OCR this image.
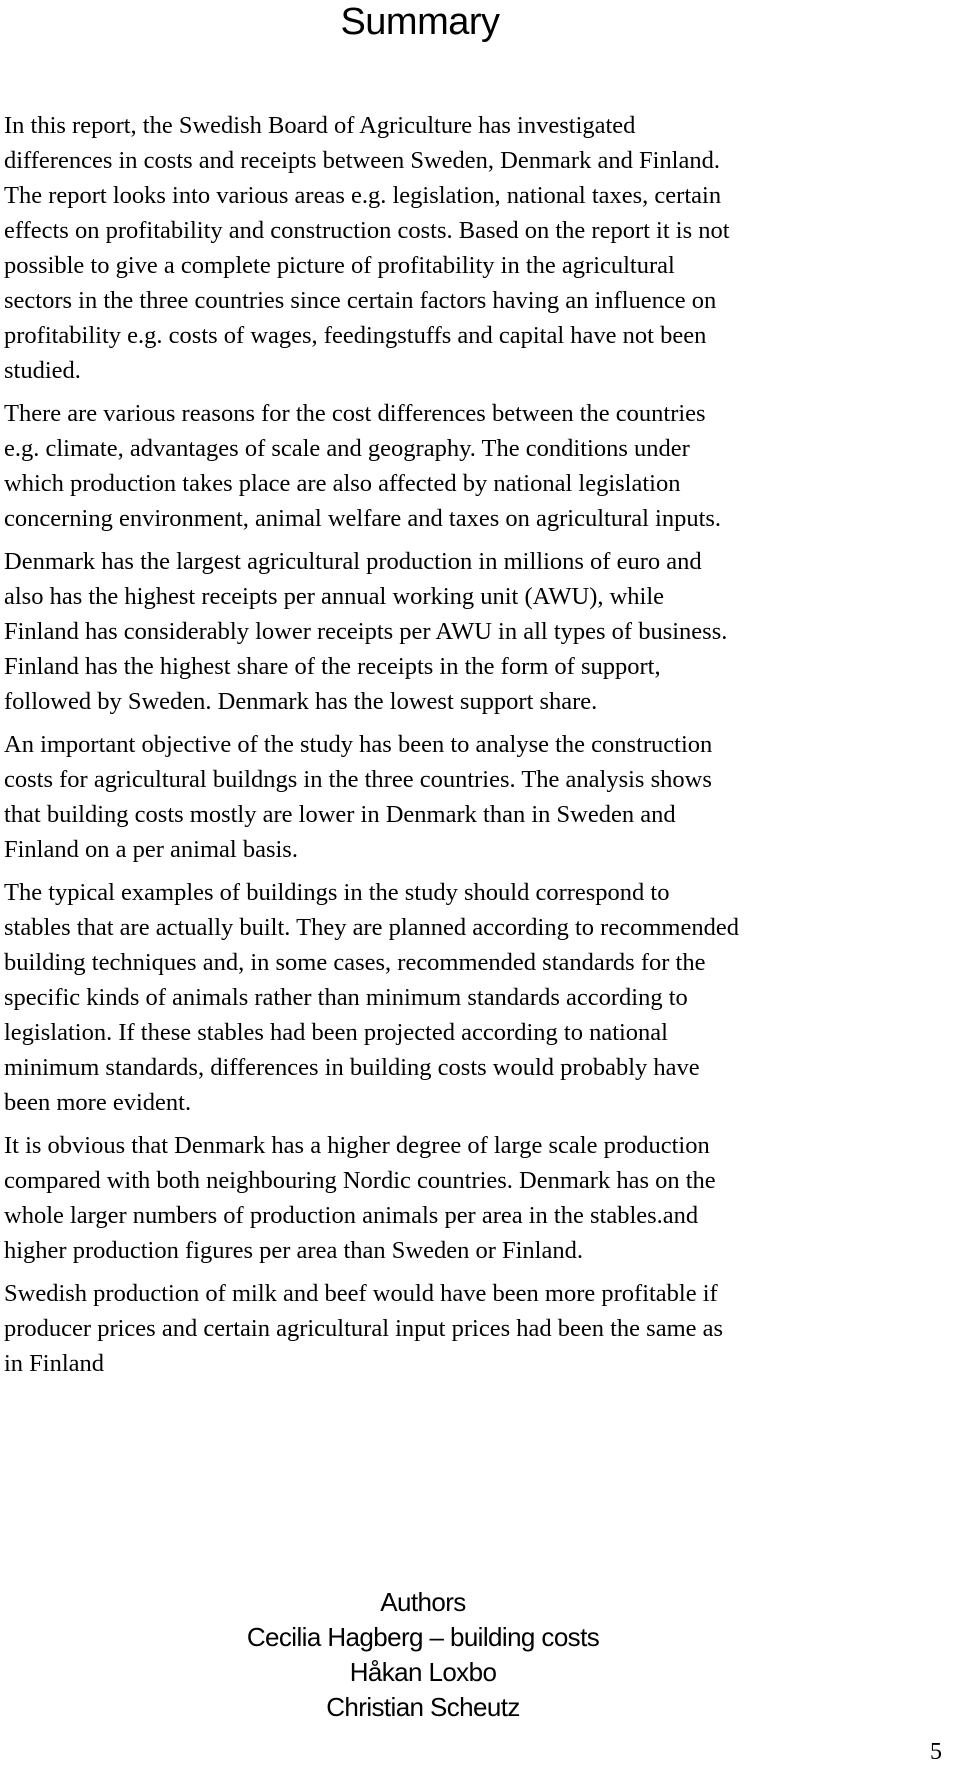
Summary

In this report, the Swedish Board of Agriculture has investigated
differences in costs and receipts between Sweden, Denmark and Finland.
The report looks into various areas e.g. legislation, national taxes, certain
effects on profitability and construction costs. Based on the report it is not
possible to give a complete picture of profitability in the agricultural
sectors in the three countries since certain factors having an influence on
profitability e.g. costs of wages, feedingstuffs and capital have not been
studied.

There are various reasons for the cost differences between the countries
e.g. climate, advantages of scale and geography. The conditions under
which production takes place are also affected by national legislation
concerning environment, animal welfare and taxes on agricultural inputs.

Denmark has the largest agricultural production in millions of euro and
also has the highest receipts per annual working unit (AWU), while
Finland has considerably lower receipts per AWU in all types of business.
Finland has the highest share of the receipts in the form of support,
followed by Sweden. Denmark has the lowest support share.

An important objective of the study has been to analyse the construction
costs for agricultural buildngs in the three countries. The analysis shows
that building costs mostly are lower in Denmark than in Sweden and
Finland on a per animal basis.

The typical examples of buildings in the study should correspond to
stables that are actually built. They are planned according to recommended
building techniques and, in some cases, recommended standards for the
specific kinds of animals rather than minimum standards according to
legislation. If these stables had been projected according to national
minimum standards, differences in building costs would probably have
been more evident.

It is obvious that Denmark has a higher degree of large scale production
compared with both neighbouring Nordic countries. Denmark has on the
whole larger numbers of production animals per area in the stables.and
higher production figures per area than Sweden or Finland.

Swedish production of milk and beef would have been more profitable if
producer prices and certain agricultural input prices had been the same as
in Finland

Authors
Cecilia Hagberg – building costs
Håkan Loxbo
Christian Scheutz
5
